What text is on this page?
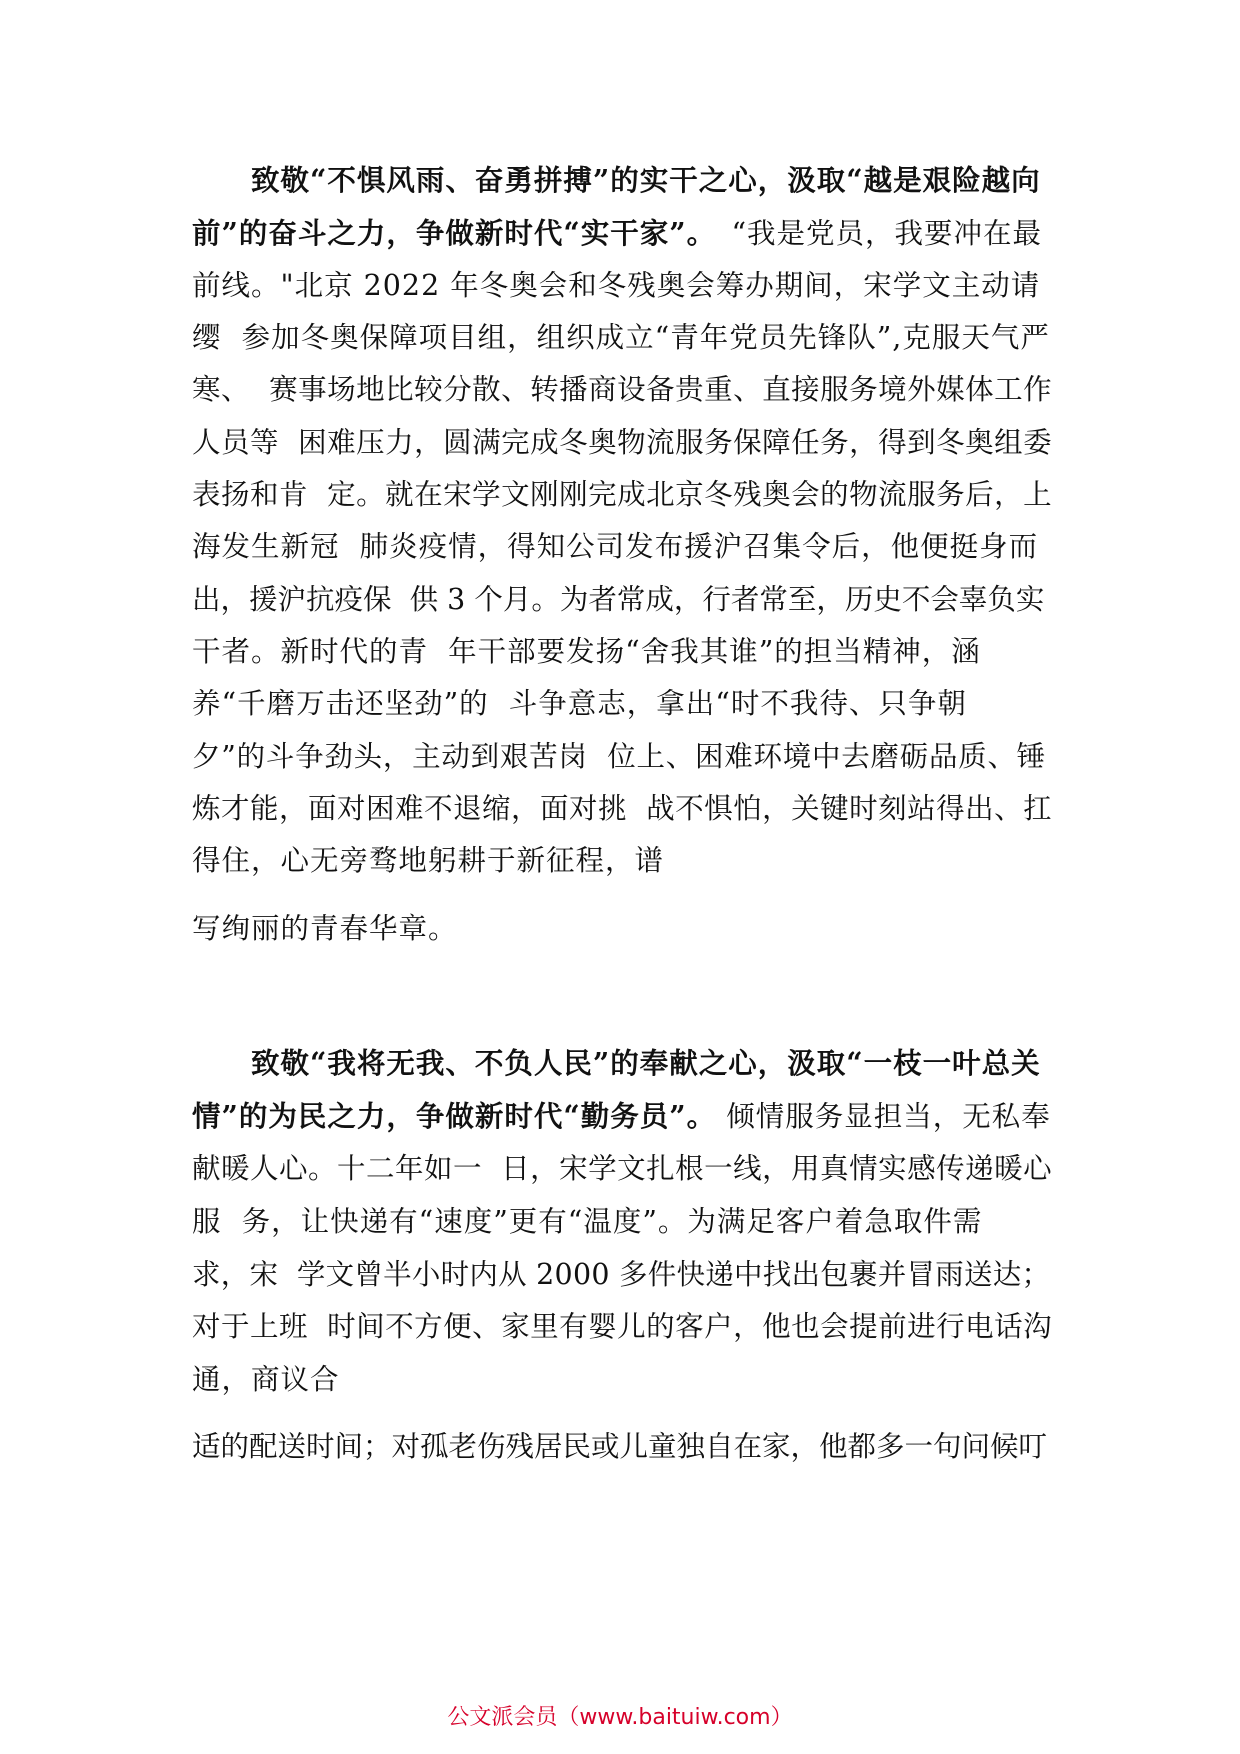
　　致敬“不惧风雨、奋勇拼搏”的实干之心，汲取“越是艰险越向
前”的奋斗之力，争做新时代“实干家”。　“我是党员，我要冲在最
前线。"北京 2022 年冬奥会和冬残奥会筹办期间，宋学文主动请
缨  参加冬奥保障项目组，组织成立“青年党员先锋队”,克服天气严
寒、  赛事场地比较分散、转播商设备贵重、直接服务境外媒体工作
人员等  困难压力，圆满完成冬奥物流服务保障任务，得到冬奥组委
表扬和肯  定。就在宋学文刚刚完成北京冬残奥会的物流服务后，上
海发生新冠  肺炎疫情，得知公司发布援沪召集令后，他便挺身而
出，援沪抗疫保  供 3 个月。为者常成，行者常至，历史不会辜负实
干者。新时代的青  年干部要发扬“舍我其谁”的担当精神，涵
养“千磨万击还坚劲”的  斗争意志，拿出“时不我待、只争朝
夕”的斗争劲头，主动到艰苦岗  位上、困难环境中去磨砺品质、锤
炼才能，面对困难不退缩，面对挑  战不惧怕，关键时刻站得出、扛
得住，心无旁骛地躬耕于新征程，谱
写绚丽的青春华章。
　　致敬“我将无我、不负人民”的奉献之心，汲取“一枝一叶总关
情”的为民之力，争做新时代“勤务员”。 倾情服务显担当，无私奉
献暖人心。十二年如一  日，宋学文扎根一线，用真情实感传递暖心
服  务，让快递有“速度”更有“温度”。为满足客户着急取件需
求，宋  学文曾半小时内从 2000 多件快递中找出包裹并冒雨送达；
对于上班  时间不方便、家里有婴儿的客户，他也会提前进行电话沟
通，商议合
适的配送时间；对孤老伤残居民或儿童独自在家，他都多一句问候叮
公文派会员（www.baituiw.com）
